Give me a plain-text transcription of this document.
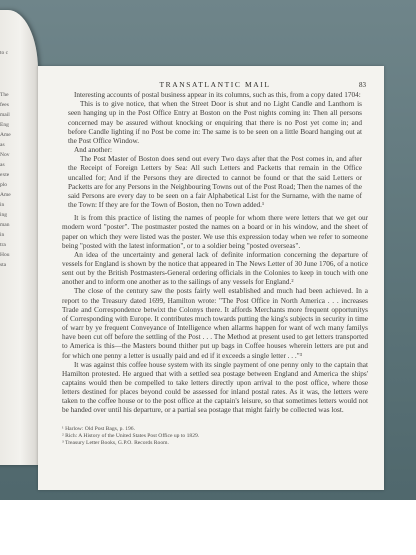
to c
The
fees
mail
Eng
Ame
as
Nov
as
exte
plo
Ame
in
ing
man
in
tra
Hou
sta
TRANSATLANTIC MAIL	83

Interesting accounts of postal business appear in its columns, such as this, from a copy dated 1704:

This is to give notice, that when the Street Door is shut and no Light Candle and Lanthorn is seen hanging up in the Post Office Entry at Boston on the Post nights coming in: Then all persons concerned may be assured without knocking or enquiring that there is no Post yet come in; and before Candle lighting if no Post be come in: The same is to be seen on a little Board hanging out at the Post Office Window.

And another:

The Post Master of Boston does send out every Two days after that the Post comes in, and after the Receipt of Foreign Letters by Sea: All such Letters and Packetts that remain in the Office uncalled for; And if the Persons they are directed to cannot be found or that the said Letters or Packetts are for any Persons in the Neighbouring Towns out of the Post Road; Then the names of the said Persons are every day to be seen on a fair Alphabetical List for the Surname, with the name of the Town: If they are for the Town of Boston, then no Town added.¹

It is from this practice of listing the names of people for whom there were letters that we get our modern word "poster". The postmaster posted the names on a board or in his window, and the sheet of paper on which they were listed was the poster. We use this expression today when we refer to someone being "posted with the latest information", or to a soldier being "posted overseas".

An idea of the uncertainty and general lack of definite information concerning the departure of vessels for England is shown by the notice that appeared in The News Letter of 30 June 1706, of a notice sent out by the British Postmasters-General ordering officials in the Colonies to keep in touch with one another and to inform one another as to the sailings of any vessels for England.²

The close of the century saw the posts fairly well established and much had been achieved. In a report to the Treasury dated 1699, Hamilton wrote: "The Post Office in North America . . . increases Trade and Correspondence betwixt the Colonys there. It affords Merchants more frequent opportunitys of Corresponding with Europe. It contributes much towards putting the king's subjects in security in time of warr by ye frequent Conveyance of Intelligence when allarms happen for want of wch many familys have been cut off before the settling of the Post . . . The Method at present used to get letters transported to America is this—the Masters bound thither put up bags in Coffee houses wherein letters are put and for which one penny a letter is usually paid and ed if it exceeds a single letter . . ."³

It was against this coffee house system with its single payment of one penny only to the captain that Hamilton protested. He argued that with a settled sea postage between England and America the ships' captains would then be compelled to take letters directly upon arrival to the post office, where those letters destined for places beyond could be assessed for inland postal rates. As it was, the letters were taken to the coffee house or to the post office at the captain's leisure, so that sometimes letters would not be handed over until his departure, or a partial sea postage that might fairly be collected was lost.

¹ Harlow: Old Post Bags, p. 196.
² Rich: A History of the United States Post Office up to 1829.
³ Treasury Letter Books, G.P.O. Records Room.
